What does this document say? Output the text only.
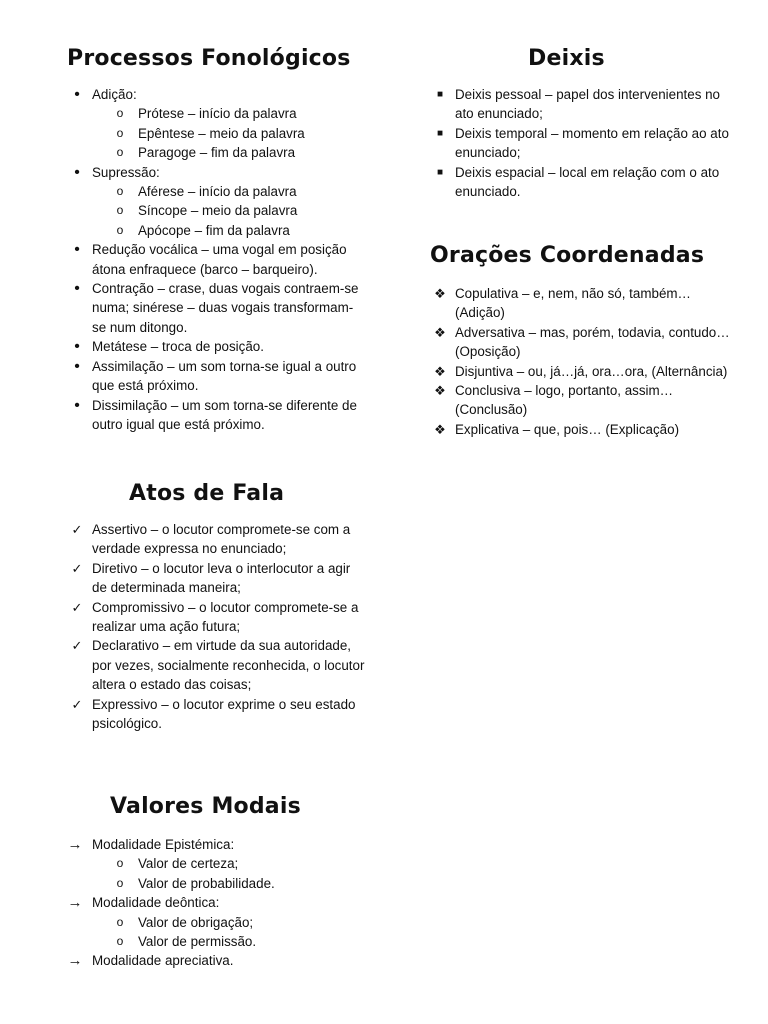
Processos Fonológicos
• Adição:
o Prótese – início da palavra
o Epêntese – meio da palavra
o Paragoge – fim da palavra
• Supressão:
o Aférese – início da palavra
o Síncope – meio da palavra
o Apócope – fim da palavra
• Redução vocálica – uma vogal em posição átona enfraquece (barco – barqueiro).
• Contração – crase, duas vogais contraem-se numa; sinérese – duas vogais transformam-se num ditongo.
• Metátese – troca de posição.
• Assimilação – um som torna-se igual a outro que está próximo.
• Dissimilação – um som torna-se diferente de outro igual que está próximo.
Deixis
■ Deixis pessoal – papel dos intervenientes no ato enunciado;
■ Deixis temporal – momento em relação ao ato enunciado;
■ Deixis espacial – local em relação com o ato enunciado.
Orações Coordenadas
❖ Copulativa – e, nem, não só, também… (Adição)
❖ Adversativa – mas, porém, todavia, contudo… (Oposição)
❖ Disjuntiva – ou, já…já, ora…ora, (Alternância)
❖ Conclusiva – logo, portanto, assim… (Conclusão)
❖ Explicativa – que, pois… (Explicação)
Atos de Fala
✓ Assertivo – o locutor compromete-se com a verdade expressa no enunciado;
✓ Diretivo – o locutor leva o interlocutor a agir de determinada maneira;
✓ Compromissivo – o locutor compromete-se a realizar uma ação futura;
✓ Declarativo – em virtude da sua autoridade, por vezes, socialmente reconhecida, o locutor altera o estado das coisas;
✓ Expressivo – o locutor exprime o seu estado psicológico.
Valores Modais
→ Modalidade Epistémica:
o Valor de certeza;
o Valor de probabilidade.
→ Modalidade deôntica:
o Valor de obrigação;
o Valor de permissão.
→ Modalidade apreciativa.
